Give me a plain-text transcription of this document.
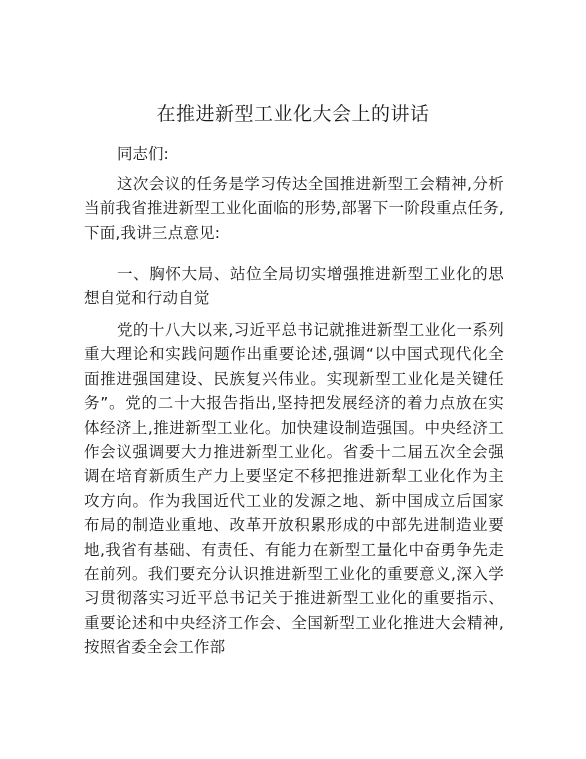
在推进新型工业化大会上的讲话

同志们:

这次会议的任务是学习传达全国推进新型工会精神,分析当前我省推进新型工业化面临的形势,部署下一阶段重点任务,下面,我讲三点意见:

一、胸怀大局、站位全局切实增强推进新型工业化的思想自觉和行动自觉

党的十八大以来,习近平总书记就推进新型工业化一系列重大理论和实践问题作出重要论述,强调“以中国式现代化全面推进强国建设、民族复兴伟业。实现新型工业化是关键任务”。党的二十大报告指出,坚持把发展经济的着力点放在实体经济上,推进新型工业化。加快建设制造强国。中央经济工作会议强调要大力推进新型工业化。省委十二届五次全会强调在培育新质生产力上要坚定不移把推进新犁工业化作为主攻方向。作为我国近代工业的发源之地、新中国成立后国家布局的制造业重地、改革开放积累形成的中部先进制造业要地,我省有基础、有责任、有能力在新型工量化中奋勇争先走在前列。我们要充分认识推进新型工业化的重要意义,深入学习贯彻落实习近平总书记关于推进新型工业化的重要指示、重要论述和中央经济工作会、全国新型工业化推进大会精神,按照省委全会工作部
